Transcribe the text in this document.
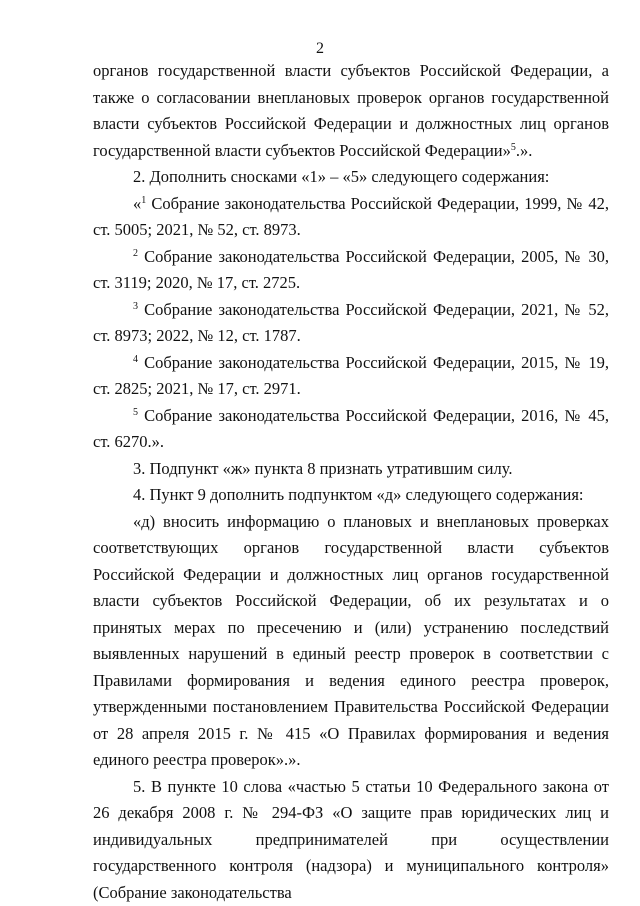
2

органов государственной власти субъектов Российской Федерации, а также о согласовании внеплановых проверок органов государственной власти субъектов Российской Федерации и должностных лиц органов государственной власти субъектов Российской Федерации»$^5$.».

2. Дополнить сносками «1» – «5» следующего содержания:

«$^1$ Собрание законодательства Российской Федерации, 1999, № 42, ст. 5005; 2021, № 52, ст. 8973.

$^2$ Собрание законодательства Российской Федерации, 2005, № 30, ст. 3119; 2020, № 17, ст. 2725.

$^3$ Собрание законодательства Российской Федерации, 2021, № 52, ст. 8973; 2022, № 12, ст. 1787.

$^4$ Собрание законодательства Российской Федерации, 2015, № 19, ст. 2825; 2021, № 17, ст. 2971.

$^5$ Собрание законодательства Российской Федерации, 2016, № 45, ст. 6270.».

3. Подпункт «ж» пункта 8 признать утратившим силу.

4. Пункт 9 дополнить подпунктом «д» следующего содержания:

«д) вносить информацию о плановых и внеплановых проверках соответствующих органов государственной власти субъектов Российской Федерации и должностных лиц органов государственной власти субъектов Российской Федерации, об их результатах и о принятых мерах по пресечению и (или) устранению последствий выявленных нарушений в единый реестр проверок в соответствии с Правилами формирования и ведения единого реестра проверок, утвержденными постановлением Правительства Российской Федерации от 28 апреля 2015 г. № 415 «О Правилах формирования и ведения единого реестра проверок».».

5. В пункте 10 слова «частью 5 статьи 10 Федерального закона от 26 декабря 2008 г. № 294-ФЗ «О защите прав юридических лиц и индивидуальных предпринимателей при осуществлении государственного контроля (надзора) и муниципального контроля» (Собрание законодательства
